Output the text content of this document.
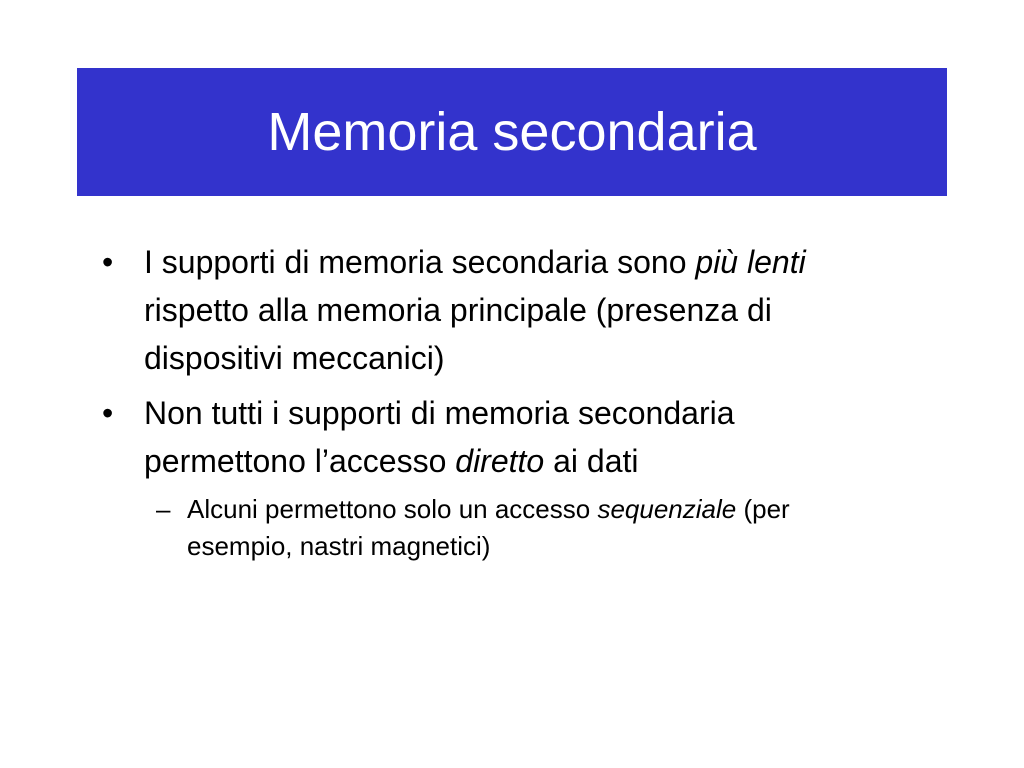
Memoria secondaria

• I supporti di memoria secondaria sono più lenti rispetto alla memoria principale (presenza di dispositivi meccanici)

• Non tutti i supporti di memoria secondaria permettono l’accesso diretto ai dati

– Alcuni permettono solo un accesso sequenziale (per esempio, nastri magnetici)
